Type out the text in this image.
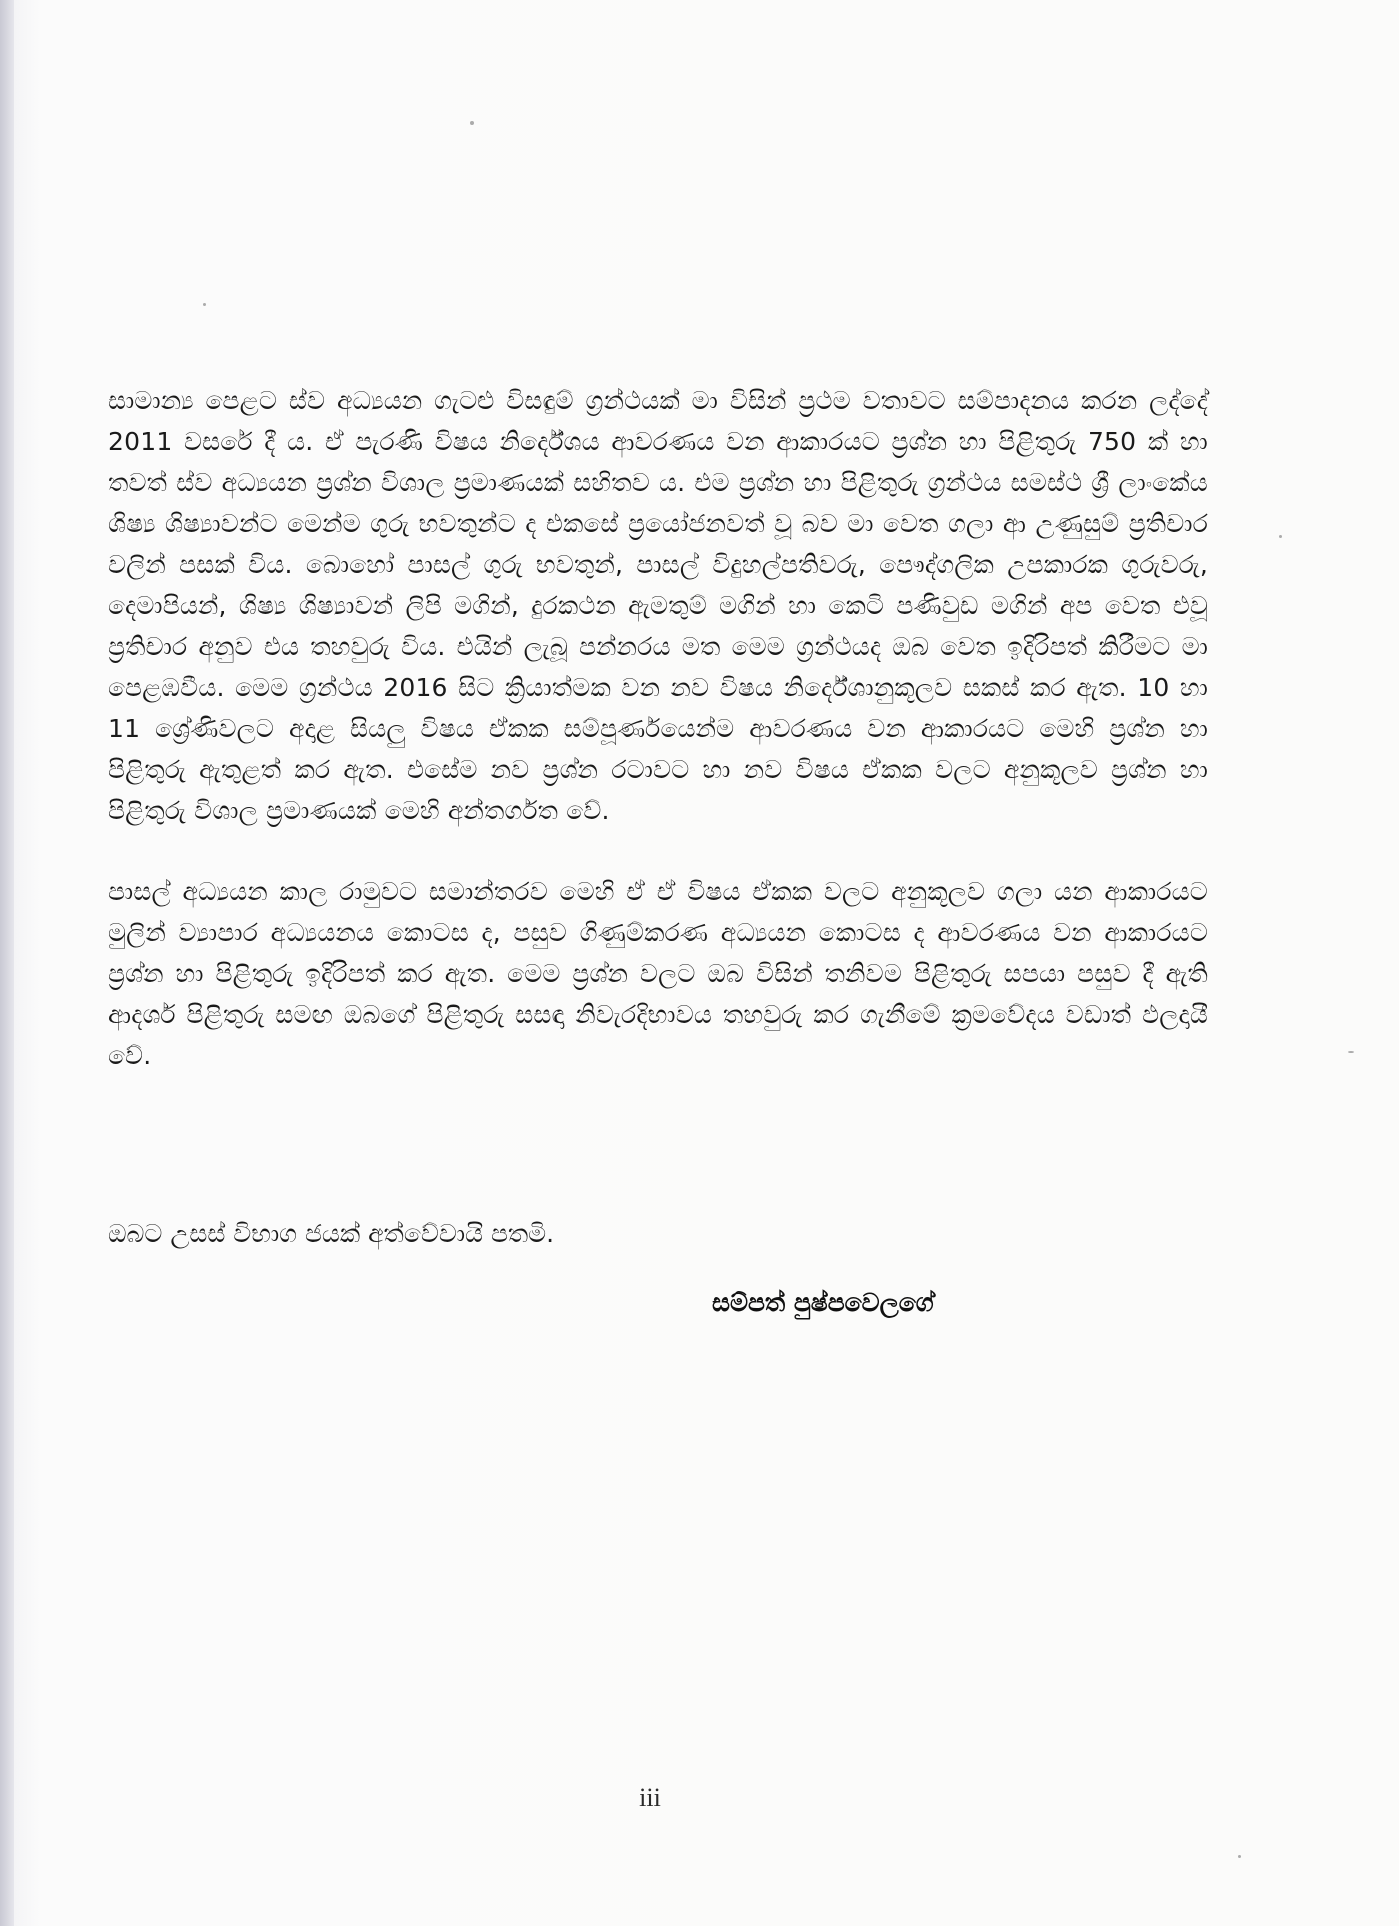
සාමාන්‍ය පෙළට ස්ව අධ්‍යයන ගැටළු විසඳුම් ග්‍රන්ථයක් මා විසින් ප්‍රථම වතාවට සම්පාදනය කරන ලද්දේ 2011 වසරේ දී ය. ඒ පැරණි විෂය නිර්දේශය ආවරණය වන ආකාරයට ප්‍රශ්න හා පිළිතුරු 750 ක් හා තවත් ස්ව අධ්‍යයන ප්‍රශ්න විශාල ප්‍රමාණයක් සහිතව ය. එම ප්‍රශ්න හා පිළිතුරු ග්‍රන්ථය සමස්ථ ශ්‍රී ලාංකේය ශිෂ්‍ය ශිෂ්‍යාවන්ට මෙන්ම ගුරු භවතුන්ට ද එකසේ ප්‍රයෝජනවත් වූ බව මා වෙත ගලා ආ උණුසුම් ප්‍රතිචාර වලින් පසක් විය. බොහෝ පාසල් ගුරු භවතුන්, පාසල් විදුහල්පතිවරු, පෞද්ගලික උපකාරක ගුරුවරු, දෙමාපියන්, ශිෂ්‍ය ශිෂ්‍යාවන් ලිපි මගින්, දුරකථන ඇමතුම් මගින් හා කෙටි පණිවුඩ මගින් අප වෙත එවූ ප්‍රතිචාර අනුව එය තහවුරු විය. එයින් ලැබූ පන්නරය මත මෙම ග්‍රන්ථයද ඔබ වෙත ඉදිරිපත් කිරීමට මා පෙළඹවීය. මෙම ග්‍රන්ථය 2016 සිට ක්‍රියාත්මක වන නව විෂය නිර්දේශානුකූලව සකස් කර ඇත. 10 හා 11 ශ්‍රේණිවලට අදාළ සියලු විෂය ඒකක සම්පූර්ණයෙන්ම ආවරණය වන ආකාරයට මෙහි ප්‍රශ්න හා පිළිතුරු ඇතුළත් කර ඇත. එසේම නව ප්‍රශ්න රටාවට හා නව විෂය ඒකක වලට අනුකූලව ප්‍රශ්න හා පිළිතුරු විශාල ප්‍රමාණයක් මෙහි අන්තර්ගත වේ.

පාසල් අධ්‍යයන කාල රාමුවට සමාන්තරව මෙහි ඒ ඒ විෂය ඒකක වලට අනුකූලව ගලා යන ආකාරයට මුලින් ව්‍යාපාර අධ්‍යයනය කොටස ද, පසුව ගිණුම්කරණ අධ්‍යයන කොටස ද ආවරණය වන ආකාරයට ප්‍රශ්න හා පිළිතුරු ඉදිරිපත් කර ඇත. මෙම ප්‍රශ්න වලට ඔබ විසින් තනිවම පිළිතුරු සපයා පසුව දී ඇති ආදර්ශ පිළිතුරු සමඟ ඔබගේ පිළිතුරු සසඳා නිවැරදිභාවය තහවුරු කර ගැනීමේ ක්‍රමවේදය වඩාත් ඵලදායී වේ.

ඔබට උසස් විභාග ජයක් අත්වේවායි පතමි.
සම්පත් පුෂ්පවෙලගේ
iii
